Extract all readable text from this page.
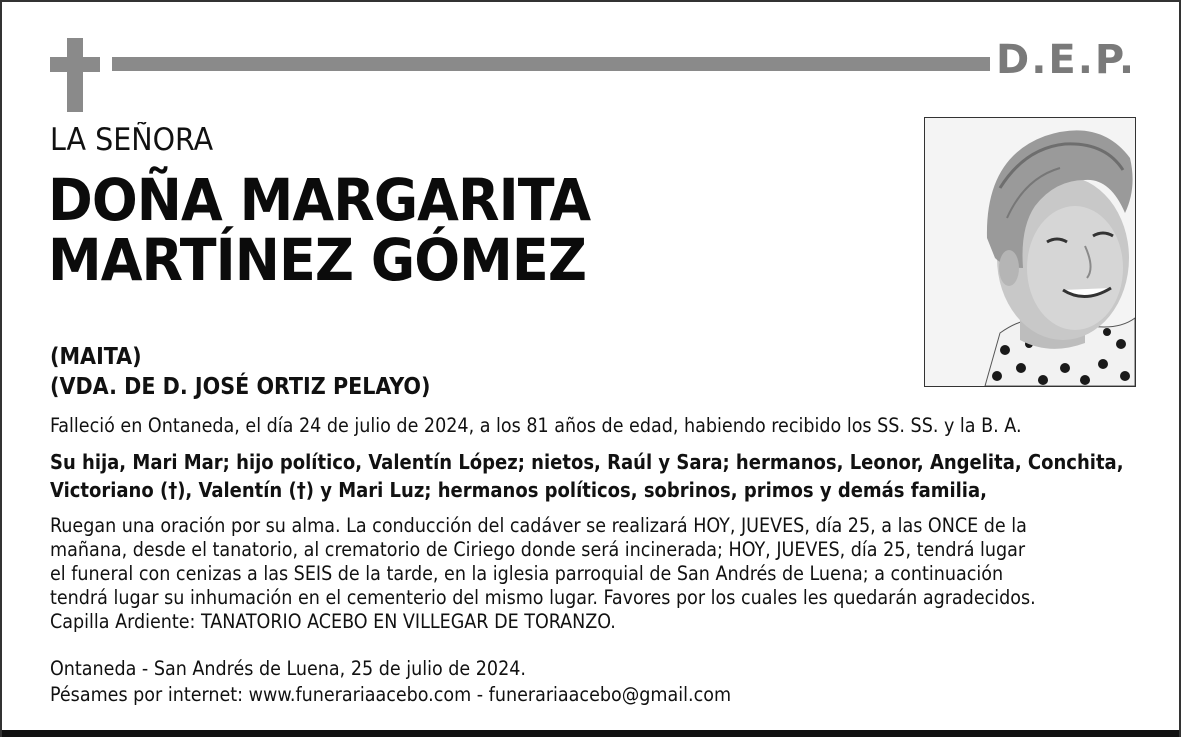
D.E.P.
LA SEÑORA
DOÑA MARGARITA
MARTÍNEZ GÓMEZ
(MAITA)
(VDA. DE D. JOSÉ ORTIZ PELAYO)
Falleció en Ontaneda, el día 24 de julio de 2024, a los 81 años de edad, habiendo recibido los SS. SS. y la B. A.
Su hija, Mari Mar; hijo político, Valentín López; nietos, Raúl y Sara; hermanos, Leonor, Angelita, Conchita,
Victoriano (†), Valentín (†) y Mari Luz; hermanos políticos, sobrinos, primos y demás familia,
Ruegan una oración por su alma. La conducción del cadáver se realizará HOY, JUEVES, día 25, a las ONCE de la
mañana, desde el tanatorio, al crematorio de Ciriego donde será incinerada; HOY, JUEVES, día 25, tendrá lugar
el funeral con cenizas a las SEIS de la tarde, en la iglesia parroquial de San Andrés de Luena; a continuación
tendrá lugar su inhumación en el cementerio del mismo lugar. Favores por los cuales les quedarán agradecidos.
Capilla Ardiente: TANATORIO ACEBO EN VILLEGAR DE TORANZO.
Ontaneda - San Andrés de Luena, 25 de julio de 2024.
Pésames por internet: www.funerariaacebo.com - funerariaacebo@gmail.com
